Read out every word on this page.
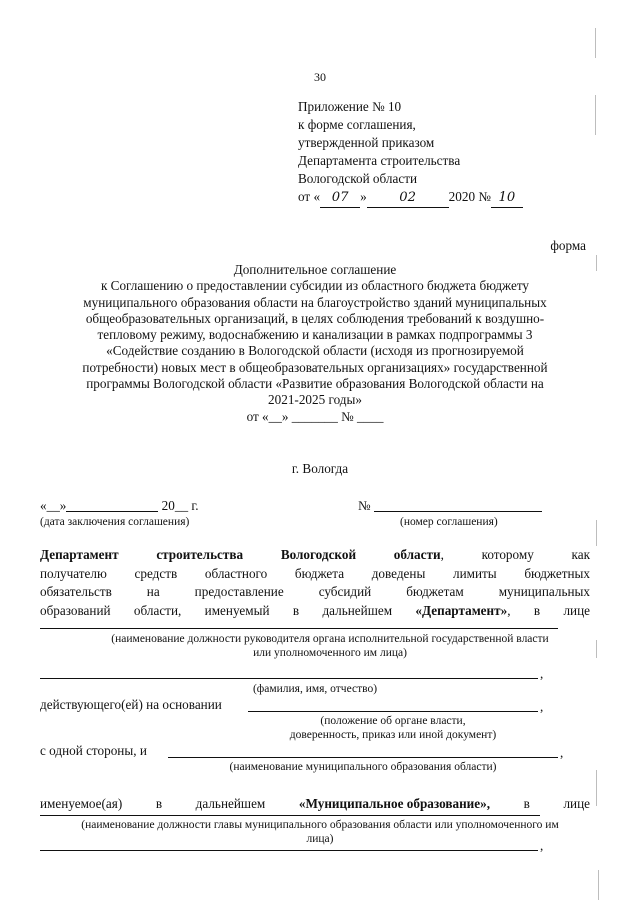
30
Приложение № 10
к форме соглашения,
утвержденной приказом
Департамента строительства
Вологодской области
от « 07 » 02 2020 № 10
форма
Дополнительное соглашение
к Соглашению о предоставлении субсидии из областного бюджета бюджету
муниципального образования области на благоустройство зданий муниципальных
общеобразовательных организаций, в целях соблюдения требований к воздушно-
тепловому режиму, водоснабжению и канализации в рамках подпрограммы 3
«Содействие созданию в Вологодской области (исходя из прогнозируемой
потребности) новых мест в общеобразовательных организациях» государственной
программы Вологодской области «Развитие образования Вологодской области на
2021-2025 годы»
от «__» _______ № ____
г. Вологда
«__»	20__ г.
(дата заключения соглашения)
№
(номер соглашения)
Департамент строительства Вологодской области, которому как
получателю средств областного бюджета доведены лимиты бюджетных
обязательств на предоставление субсидий бюджетам муниципальных
образований области, именуемый в дальнейшем «Департамент», в лице
(наименование должности руководителя органа исполнительной государственной власти
или уполномоченного им лица)
,
(фамилия, имя, отчество)
действующего(ей) на основании	,
(положение об органе власти,
доверенность, приказ или иной документ)
с одной стороны, и	,
(наименование муниципального образования области)
именуемое(ая)	в	дальнейшем	«Муниципальное образование»,	в	лице
(наименование должности главы муниципального образования области или уполномоченного им
лица)	,
